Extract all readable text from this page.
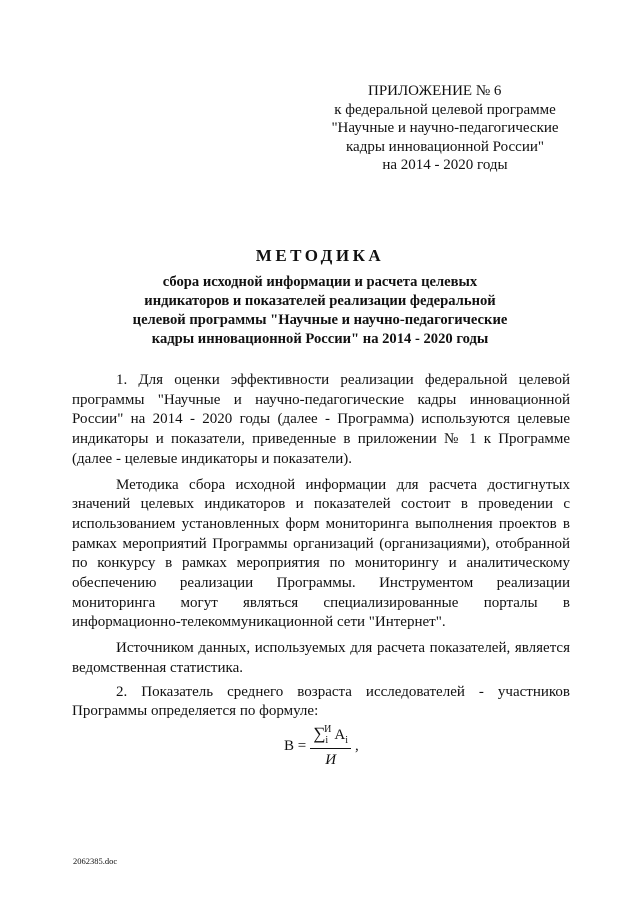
ПРИЛОЖЕНИЕ № 6
к федеральной целевой программе
"Научные и научно-педагогические
кадры инновационной России"
на 2014 - 2020 годы
МЕТОДИКА
сбора исходной информации и расчета целевых
индикаторов и показателей реализации федеральной
целевой программы "Научные и научно-педагогические
кадры инновационной России" на 2014 - 2020 годы

1. Для оценки эффективности реализации федеральной целевой программы "Научные и научно-педагогические кадры инновационной России" на 2014 - 2020 годы (далее - Программа) используются целевые индикаторы и показатели, приведенные в приложении № 1 к Программе (далее - целевые индикаторы и показатели).

Методика сбора исходной информации для расчета достигнутых значений целевых индикаторов и показателей состоит в проведении с использованием установленных форм мониторинга выполнения проектов в рамках мероприятий Программы организаций (организациями), отобранной по конкурсу в рамках мероприятия по мониторингу и аналитическому обеспечению реализации Программы. Инструментом реализации мониторинга могут являться специализированные порталы в информационно-телекоммуникационной сети "Интернет".

Источником данных, используемых для расчета показателей, является ведомственная статистика.

2. Показатель среднего возраста исследователей - участников Программы определяется по формуле:

$B = \frac{\sum_i^И A_i}{И}$ ,
2062385.doc
